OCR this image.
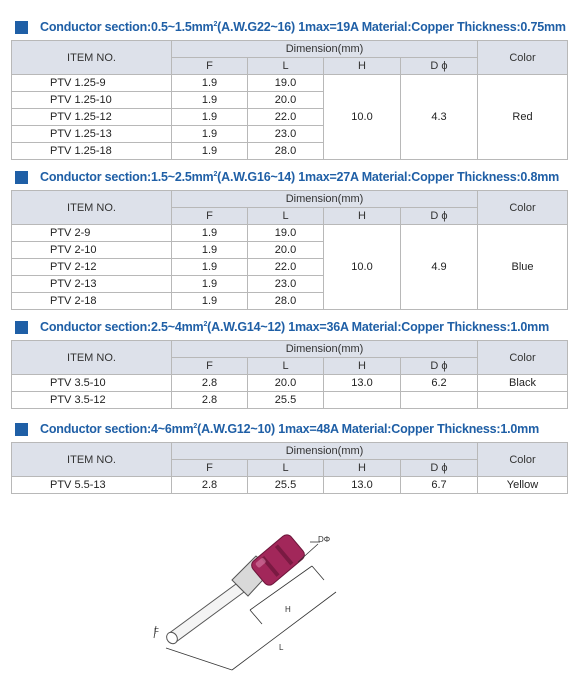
Conductor $section:0.5\sim 1.5mm^2(A.W.G22\sim 16)$ 1max=19A Material:Copper Thickness:0.75mm
ITEM NO.	Dimension(mm)				Color
	F	L	H	D ϕ	
PTV 1.25-9	1.9	19.0	10.0	4.3	Red
PTV 1.25-10	1.9	20.0			
PTV 1.25-12	1.9	22.0			
PTV 1.25-13	1.9	23.0			
PTV 1.25-18	1.9	28.0			
Conductor $section:1.5\sim 2.5mm^2(A.W.G16\sim 14)$ 1max=27A Material:Copper Thickness:0.8mm
ITEM NO.	Dimension(mm)				Color
	F	L	H	D ϕ	
PTV 2-9	1.9	19.0	10.0	4.9	Blue
PTV 2-10	1.9	20.0			
PTV 2-12	1.9	22.0			
PTV 2-13	1.9	23.0			
PTV 2-18	1.9	28.0			
Conductor $section:2.5\sim 4mm^2(A.W.G14\sim 12)$ 1max=36A Material:Copper Thickness:1.0mm
ITEM NO.	Dimension(mm)				Color
	F	L	H	D ϕ	
PTV 3.5-10	2.8	20.0	13.0	6.2	Black
PTV 3.5-12	2.8	25.5			
Conductor $section:4\sim 6mm^2(A.W.G12\sim 10)$ 1max=48A Material:Copper Thickness:1.0mm
ITEM NO.	Dimension(mm)				Color
	F	L	H	D ϕ	
PTV 5.5-13	2.8	25.5	13.0	6.7	Yellow
DΦ
H
L
F
